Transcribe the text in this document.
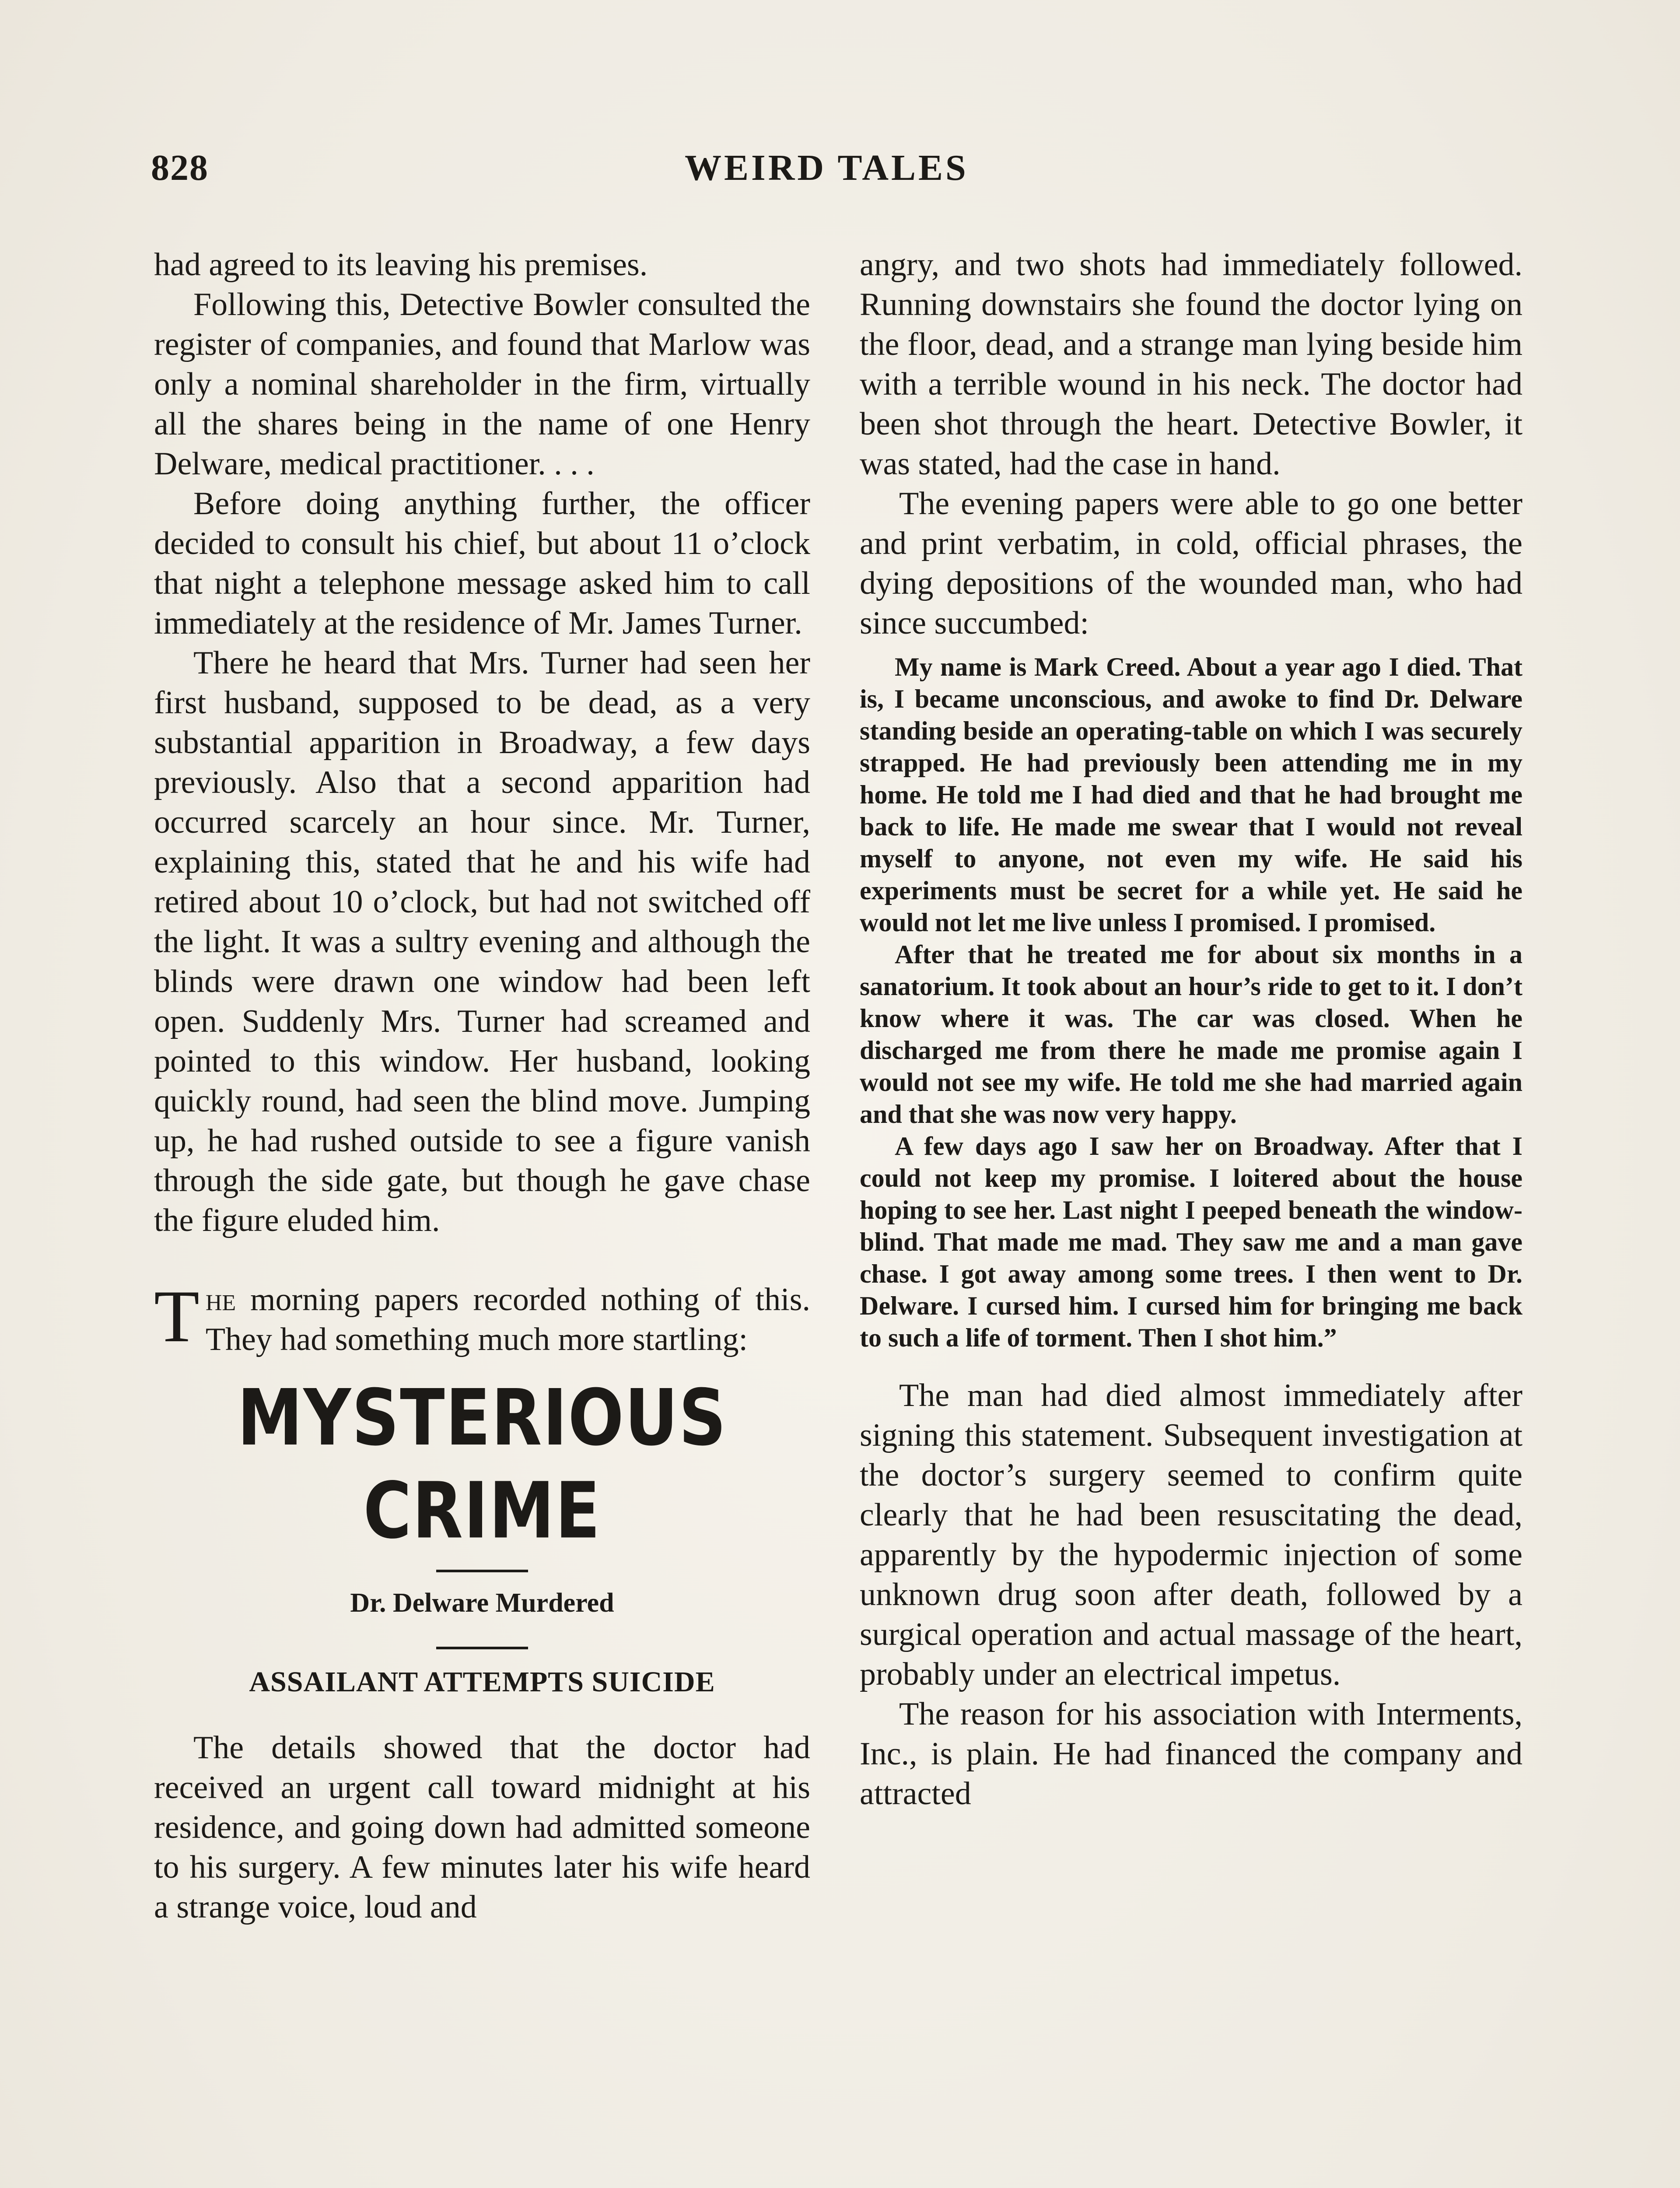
828	WEIRD TALES

had agreed to its leaving his premises.

Following this, Detective Bowler consulted the register of companies, and found that Marlow was only a nominal shareholder in the firm, virtually all the shares being in the name of one Henry Delware, medical practitioner. . . .

Before doing anything further, the officer decided to consult his chief, but about 11 o’clock that night a telephone message asked him to call immediately at the residence of Mr. James Turner.

There he heard that Mrs. Turner had seen her first husband, supposed to be dead, as a very substantial apparition in Broadway, a few days previously. Also that a second apparition had occurred scarcely an hour since. Mr. Turner, explaining this, stated that he and his wife had retired about 10 o’clock, but had not switched off the light. It was a sultry evening and although the blinds were drawn one window had been left open. Suddenly Mrs. Turner had screamed and pointed to this window. Her husband, looking quickly round, had seen the blind move. Jumping up, he had rushed outside to see a figure vanish through the side gate, but though he gave chase the figure eluded him.

The morning papers recorded nothing of this. They had something much more startling:

MYSTERIOUS CRIME
Dr. Delware Murdered
ASSAILANT ATTEMPTS SUICIDE

The details showed that the doctor had received an urgent call toward midnight at his residence, and going down had admitted someone to his surgery. A few minutes later his wife heard a strange voice, loud and

angry, and two shots had immediately followed. Running downstairs she found the doctor lying on the floor, dead, and a strange man lying beside him with a terrible wound in his neck. The doctor had been shot through the heart. Detective Bowler, it was stated, had the case in hand.

The evening papers were able to go one better and print verbatim, in cold, official phrases, the dying depositions of the wounded man, who had since succumbed:

My name is Mark Creed. About a year ago I died. That is, I became unconscious, and awoke to find Dr. Delware standing beside an operating-table on which I was securely strapped. He had previously been attending me in my home. He told me I had died and that he had brought me back to life. He made me swear that I would not reveal myself to anyone, not even my wife. He said his experiments must be secret for a while yet. He said he would not let me live unless I promised. I promised.

After that he treated me for about six months in a sanatorium. It took about an hour’s ride to get to it. I don’t know where it was. The car was closed. When he discharged me from there he made me promise again I would not see my wife. He told me she had married again and that she was now very happy.

A few days ago I saw her on Broadway. After that I could not keep my promise. I loitered about the house hoping to see her. Last night I peeped beneath the window-blind. That made me mad. They saw me and a man gave chase. I got away among some trees. I then went to Dr. Delware. I cursed him. I cursed him for bringing me back to such a life of torment. Then I shot him.”

The man had died almost immediately after signing this statement. Subsequent investigation at the doctor’s surgery seemed to confirm quite clearly that he had been resuscitating the dead, apparently by the hypodermic injection of some unknown drug soon after death, followed by a surgical operation and actual massage of the heart, probably under an electrical impetus.

The reason for his association with Interments, Inc., is plain. He had financed the company and attracted
